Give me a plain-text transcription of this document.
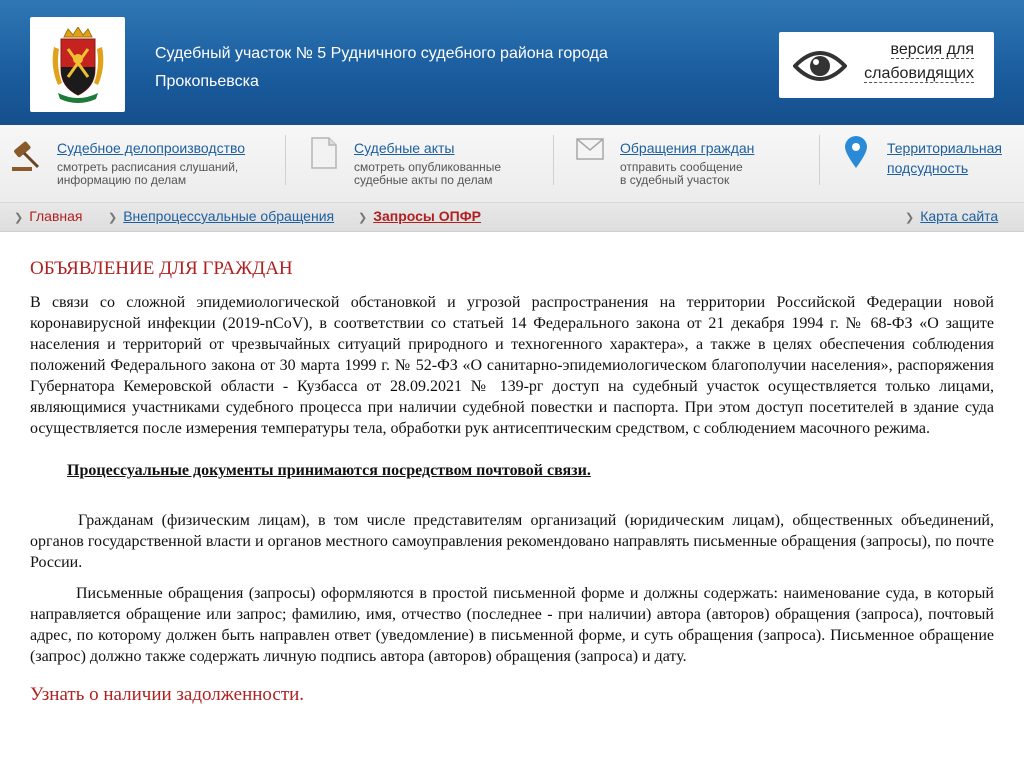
Судебный участок № 5 Рудничного судебного района города Прокопьевска
версия для
слабовидящих
Судебное делопроизводство
смотреть расписания слушаний,
информацию по делам
Судебные акты
смотреть опубликованные
судебные акты по делам
Обращения граждан
отправить сообщение
в судебный участок
Территориальная
подсудность
❯ Главная ❯ Внепроцессуальные обращения ❯ Запросы ОПФР	❯ Карта сайта
ОБЪЯВЛЕНИЕ ДЛЯ ГРАЖДАН

В связи со сложной эпидемиологической обстановкой и угрозой распространения на территории Российской Федерации новой коронавирусной инфекции (2019-nCoV), в соответствии со статьей 14 Федерального закона от 21 декабря 1994 г. № 68-ФЗ «О защите населения и территорий от чрезвычайных ситуаций природного и техногенного характера», а также в целях обеспечения соблюдения положений Федерального закона от 30 марта 1999 г. № 52-ФЗ «О санитарно-эпидемиологическом благополучии населения», распоряжения Губернатора Кемеровской области - Кузбасса от 28.09.2021 № 139-рг доступ на судебный участок осуществляется только лицами, являющимися участниками судебного процесса при наличии судебной повестки и паспорта. При этом доступ посетителей в здание суда осуществляется после измерения температуры тела, обработки рук антисептическим средством, с соблюдением масочного режима.

Процессуальные документы принимаются посредством почтовой связи.

Гражданам (физическим лицам), в том числе представителям организаций (юридическим лицам), общественных объединений, органов государственной власти и органов местного самоуправления рекомендовано направлять письменные обращения (запросы), по почте России.

Письменные обращения (запросы) оформляются в простой письменной форме и должны содержать: наименование суда, в который направляется обращение или запрос; фамилию, имя, отчество (последнее - при наличии) автора (авторов) обращения (запроса), почтовый адрес, по которому должен быть направлен ответ (уведомление) в письменной форме, и суть обращения (запроса). Письменное обращение (запрос) должно также содержать личную подпись автора (авторов) обращения (запроса) и дату.

Узнать о наличии задолженности.
